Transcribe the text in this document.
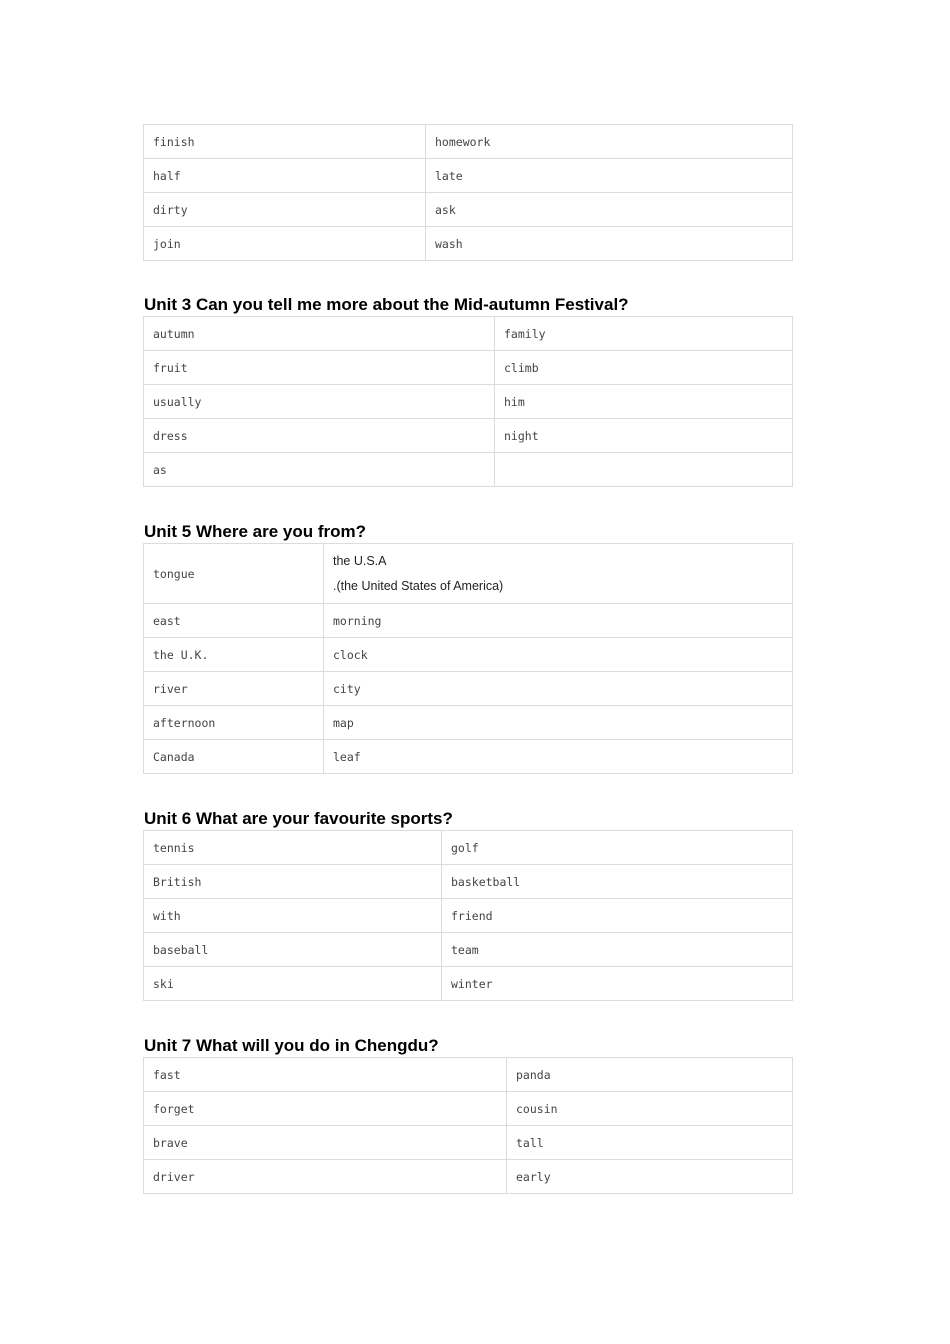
finish	homework
half	late
dirty	ask
join	wash
Unit 3 Can you tell me more about the Mid-autumn Festival?
autumn	family
fruit	climb
usually	him
dress	night
as	
Unit 5 Where are you from?
tongue	the U.S.A
.(the United States of America)

east	morning
the U.K.	clock
river	city
afternoon	map
Canada	leaf
Unit 6 What are your favourite sports?
tennis	golf
British	basketball
with	friend
baseball	team
ski	winter
Unit 7 What will you do in Chengdu?
fast	panda
forget	cousin
brave	tall
driver	early
